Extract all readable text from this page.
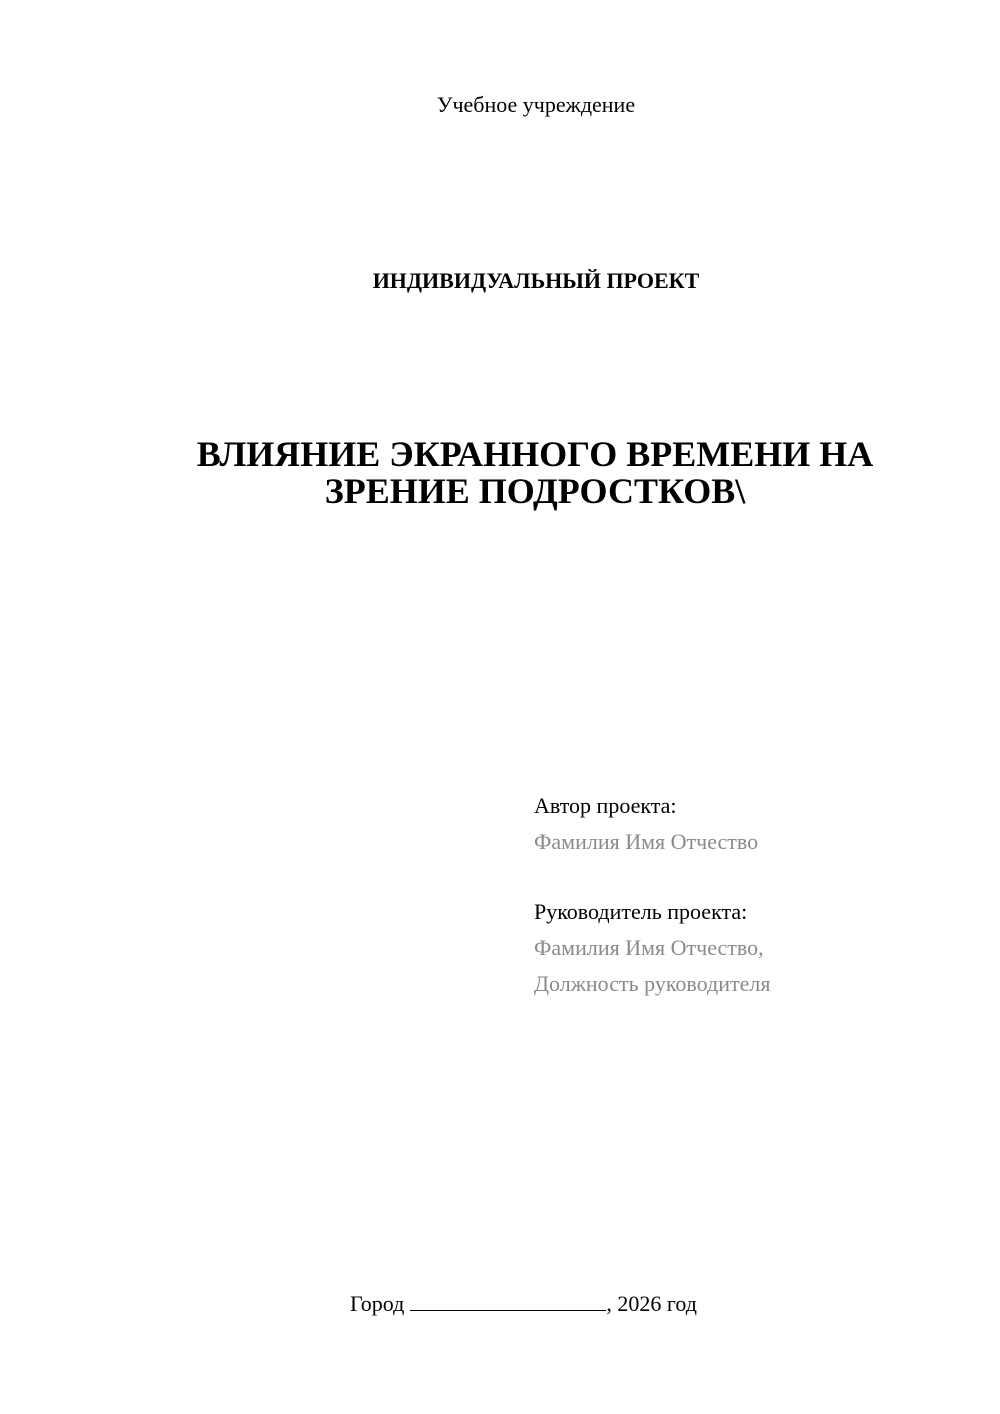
Учебное учреждение
ИНДИВИДУАЛЬНЫЙ ПРОЕКТ
ВЛИЯНИЕ ЭКРАННОГО ВРЕМЕНИ НА
ЗРЕНИЕ ПОДРОСТКОВ\
Автор проекта:
Фамилия Имя Отчество
Руководитель проекта:
Фамилия Имя Отчество,
Должность руководителя
Город	, 2026 год
